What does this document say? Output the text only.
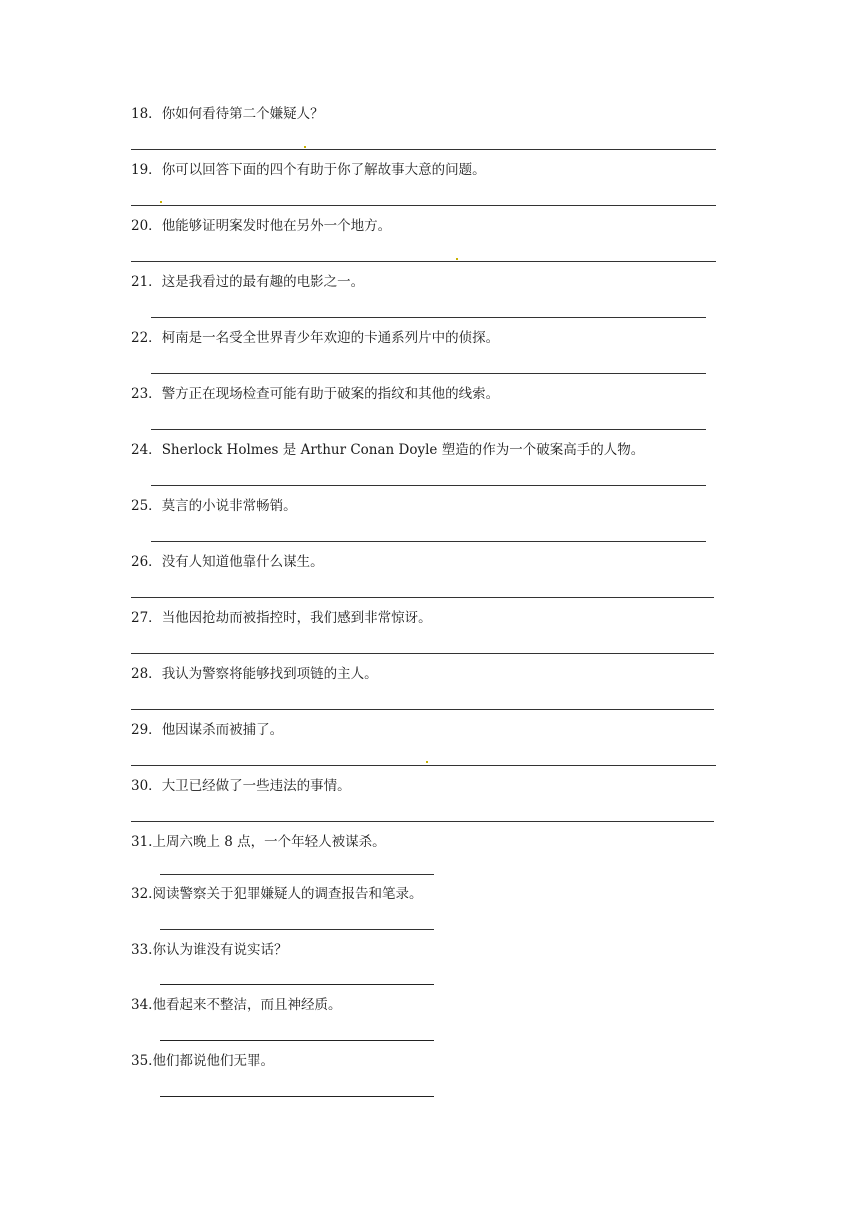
18．你如何看待第二个嫌疑人？
19．你可以回答下面的四个有助于你了解故事大意的问题。
20．他能够证明案发时他在另外一个地方。
21．这是我看过的最有趣的电影之一。
22．柯南是一名受全世界青少年欢迎的卡通系列片中的侦探。
23．警方正在现场检查可能有助于破案的指纹和其他的线索。
24．Sherlock Holmes 是 Arthur Conan Doyle 塑造的作为一个破案高手的人物。
25．莫言的小说非常畅销。
26．没有人知道他靠什么谋生。
27．当他因抢劫而被指控时，我们感到非常惊讶。
28．我认为警察将能够找到项链的主人。
29．他因谋杀而被捕了。
30．大卫已经做了一些违法的事情。
31.上周六晚上 8 点，一个年轻人被谋杀。
32.阅读警察关于犯罪嫌疑人的调查报告和笔录。
33.你认为谁没有说实话？
34.他看起来不整洁，而且神经质。
35.他们都说他们无罪。
